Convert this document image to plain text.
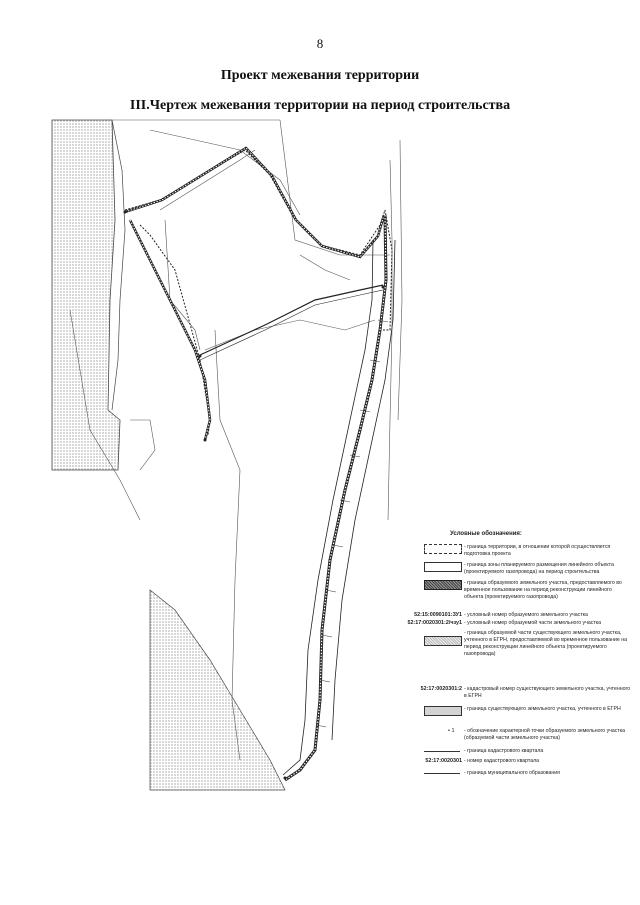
8
Проект межевания территории
III.Чертеж межевания территории на период строительства
Условные обозначения:
- граница территории, в отношении которой осуществляется подготовка проекта
- граница зоны планируемого размещения линейного объекта (проектируемого газопровода) на период строительства
- граница образуемого земельного участка, предоставляемого во временное пользование на период реконструкции линейного объекта (проектируемого газопровода)
52:15:0090101:ЗУ1 - условный номер образуемого земельного участка
52:17:0020301:2/чзу1 - условный номер образуемой части земельного участка
- граница образуемой части существующего земельного участка, учтенного в ЕГРН, предоставляемой во временное пользование на период реконструкции линейного объекта (проектируемого газопровода)
52:17:0020301:2 - кадастровый номер существующего земельного участка, учтенного в ЕГРН
- граница существующего земельного участка, учтенного в ЕГРН
• 1 - обозначение характерной точки образуемого земельного участка (образуемой части земельного участка)
- граница кадастрового квартала
52:17:0020301 - номер кадастрового квартала
- граница муниципального образования
